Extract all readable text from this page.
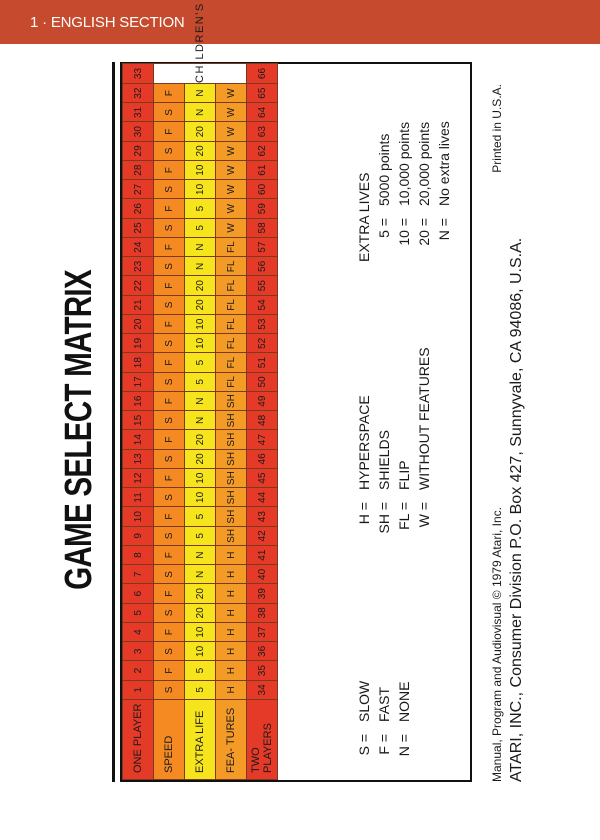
1 · ENGLISH SECTION
GAME SELECT MATRIX
ONE PLAYER	1	2	3	4	5	6	7	8	9	10	11	12	13	14	15	16	17	18	19	20	21	22	23	24	25	26	27	28	29	30	31	32	33
SPEED	S	F	S	F	S	F	S	F	S	F	S	F	S	F	S	F	S	F	S	F	S	F	S	F	S	F	S	F	S	F	S	F	

EXTRA LIFE	5	5	10	10	20	20	N	N	5	5	10	10	20	20	N	N	5	5	10	10	20	20	N	N	5	5	10	10	20	20	N	N	
FEA- TURES	H	H	H	H	H	H	H	H	SH	SH	SH	SH	SH	SH	SH	SH	FL	FL	FL	FL	FL	FL	FL	FL	W	W	W	W	W	W	W	W	
TWO PLAYERS	34	35	36	37	38	39	40	41	42	43	44	45	46	47	48	49	50	51	52	53	54	55	56	57	58	59	60	61	62	63	64	65	66
S =SLOW
F =FAST
N =NONE
H =HYPERSPACE
SH =SHIELDS
FL =FLIP
W =WITHOUT FEATURES
EXTRA LIVES 5 =5000 points
10 =10,000 points
20 =20,000 points
N =No extra lives
Manual, Program and Audiovisual © 1979 Atari, Inc.
Printed in U.S.A.
ATARI, INC., Consumer Division P.O. Box 427, Sunnyvale, CA 94086, U.S.A.
